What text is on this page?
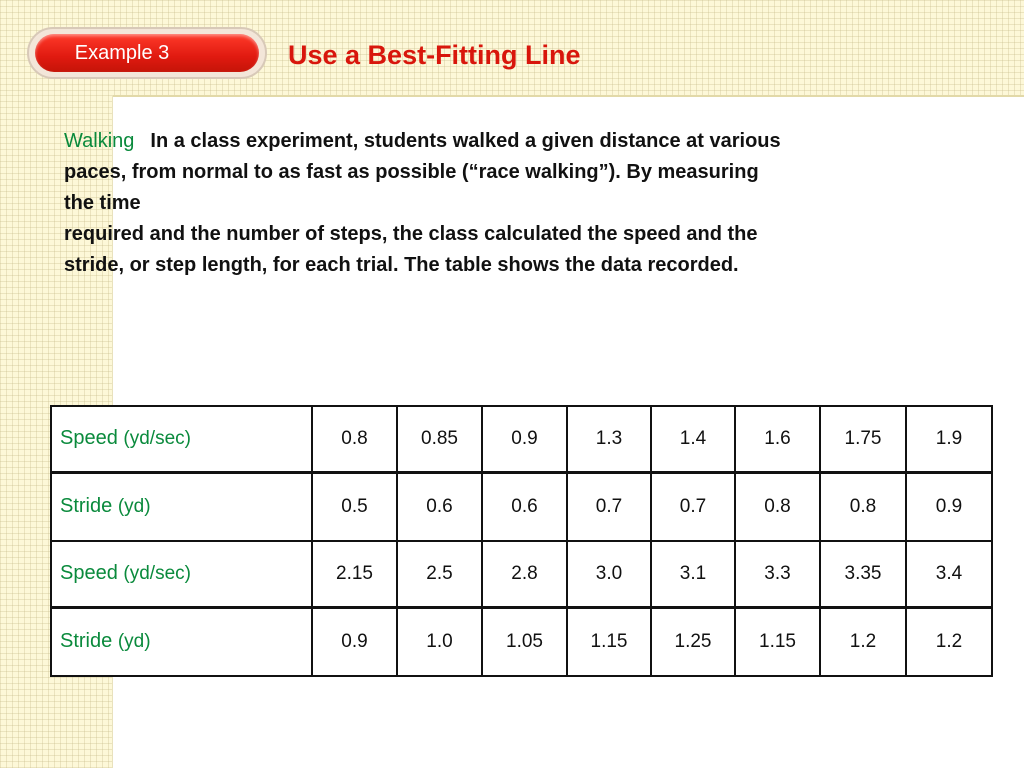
Example 3	Use a Best-Fitting Line
Walking In a class experiment, students walked a given distance at various
paces, from normal to as fast as possible (“race walking”). By measuring
the time
required and the number of steps, the class calculated the speed and the
stride, or step length, for each trial. The table shows the data recorded.
Speed (yd/sec)	0.8	0.85	0.9	1.3	1.4	1.6	1.75	1.9
Stride (yd)	0.5	0.6	0.6	0.7	0.7	0.8	0.8	0.9
Speed (yd/sec)	2.15	2.5	2.8	3.0	3.1	3.3	3.35	3.4
Stride (yd)	0.9	1.0	1.05	1.15	1.25	1.15	1.2	1.2
